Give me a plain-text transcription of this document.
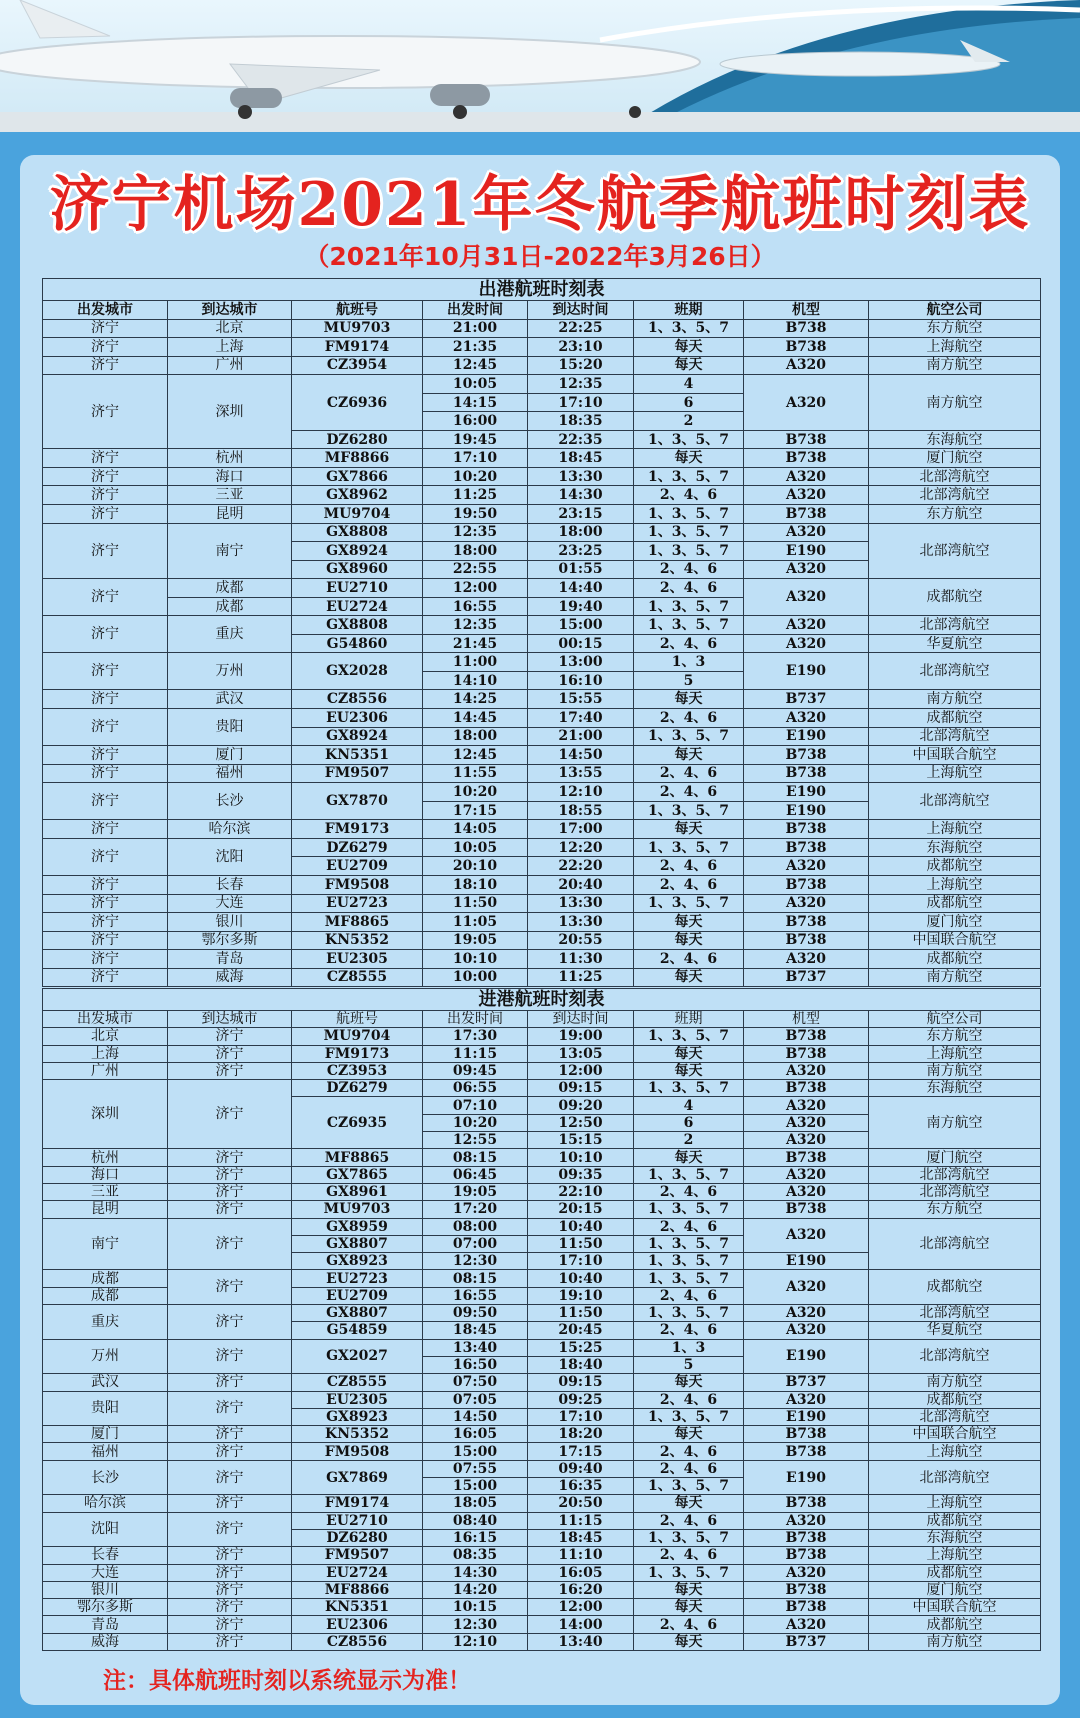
济宁机场2021年冬航季航班时刻表
（2021年10月31日-2022年3月26日）
出港航班时刻表							
出发城市	到达城市	航班号	出发时间	到达时间	班期	机型	航空公司
济宁	北京	MU9703	21:00	22:25	1、3、5、7	B738	东方航空
济宁	上海	FM9174	21:35	23:10	每天	B738	上海航空
济宁	广州	CZ3954	12:45	15:20	每天	A320	南方航空
济宁	深圳	CZ6936	10:05	12:35	4	A320	南方航空
			14:15	17:10	6		
			16:00	18:35	2		
		DZ6280	19:45	22:35	1、3、5、7	B738	东海航空
济宁	杭州	MF8866	17:10	18:45	每天	B738	厦门航空
济宁	海口	GX7866	10:20	13:30	1、3、5、7	A320	北部湾航空
济宁	三亚	GX8962	11:25	14:30	2、4、6	A320	北部湾航空
济宁	昆明	MU9704	19:50	23:15	1、3、5、7	B738	东方航空
济宁	南宁	GX8808	12:35	18:00	1、3、5、7	A320	北部湾航空
		GX8924	18:00	23:25	1、3、5、7	E190	
		GX8960	22:55	01:55	2、4、6	A320	
济宁	成都	EU2710	12:00	14:40	2、4、6	A320	成都航空
	成都	EU2724	16:55	19:40	1、3、5、7		
济宁	重庆	GX8808	12:35	15:00	1、3、5、7	A320	北部湾航空
		G54860	21:45	00:15	2、4、6	A320	华夏航空
济宁	万州	GX2028	11:00	13:00	1、3	E190	北部湾航空
			14:10	16:10	5		
济宁	武汉	CZ8556	14:25	15:55	每天	B737	南方航空
济宁	贵阳	EU2306	14:45	17:40	2、4、6	A320	成都航空
		GX8924	18:00	21:00	1、3、5、7	E190	北部湾航空
济宁	厦门	KN5351	12:45	14:50	每天	B738	中国联合航空
济宁	福州	FM9507	11:55	13:55	2、4、6	B738	上海航空
济宁	长沙	GX7870	10:20	12:10	2、4、6	E190	北部湾航空
			17:15	18:55	1、3、5、7	E190	
济宁	哈尔滨	FM9173	14:05	17:00	每天	B738	上海航空
济宁	沈阳	DZ6279	10:05	12:20	1、3、5、7	B738	东海航空
		EU2709	20:10	22:20	2、4、6	A320	成都航空
济宁	长春	FM9508	18:10	20:40	2、4、6	B738	上海航空
济宁	大连	EU2723	11:50	13:30	1、3、5、7	A320	成都航空
济宁	银川	MF8865	11:05	13:30	每天	B738	厦门航空
济宁	鄂尔多斯	KN5352	19:05	20:55	每天	B738	中国联合航空
济宁	青岛	EU2305	10:10	11:30	2、4、6	A320	成都航空
济宁	威海	CZ8555	10:00	11:25	每天	B737	南方航空
进港航班时刻表							
出发城市	到达城市	航班号	出发时间	到达时间	班期	机型	航空公司
北京	济宁	MU9704	17:30	19:00	1、3、5、7	B738	东方航空
上海	济宁	FM9173	11:15	13:05	每天	B738	上海航空
广州	济宁	CZ3953	09:45	12:00	每天	A320	南方航空
深圳	济宁	DZ6279	06:55	09:15	1、3、5、7	B738	东海航空
		CZ6935	07:10	09:20	4	A320	南方航空
			10:20	12:50	6	A320	
			12:55	15:15	2	A320	
杭州	济宁	MF8865	08:15	10:10	每天	B738	厦门航空
海口	济宁	GX7865	06:45	09:35	1、3、5、7	A320	北部湾航空
三亚	济宁	GX8961	19:05	22:10	2、4、6	A320	北部湾航空
昆明	济宁	MU9703	17:20	20:15	1、3、5、7	B738	东方航空
南宁	济宁	GX8959	08:00	10:40	2、4、6	A320	北部湾航空
		GX8807	07:00	11:50	1、3、5、7		
		GX8923	12:30	17:10	1、3、5、7	E190	
成都	济宁	EU2723	08:15	10:40	1、3、5、7	A320	成都航空
成都		EU2709	16:55	19:10	2、4、6		
重庆	济宁	GX8807	09:50	11:50	1、3、5、7	A320	北部湾航空
		G54859	18:45	20:45	2、4、6	A320	华夏航空
万州	济宁	GX2027	13:40	15:25	1、3	E190	北部湾航空
			16:50	18:40	5		
武汉	济宁	CZ8555	07:50	09:15	每天	B737	南方航空
贵阳	济宁	EU2305	07:05	09:25	2、4、6	A320	成都航空
		GX8923	14:50	17:10	1、3、5、7	E190	北部湾航空
厦门	济宁	KN5352	16:05	18:20	每天	B738	中国联合航空
福州	济宁	FM9508	15:00	17:15	2、4、6	B738	上海航空
长沙	济宁	GX7869	07:55	09:40	2、4、6	E190	北部湾航空
			15:00	16:35	1、3、5、7		
哈尔滨	济宁	FM9174	18:05	20:50	每天	B738	上海航空
沈阳	济宁	EU2710	08:40	11:15	2、4、6	A320	成都航空
		DZ6280	16:15	18:45	1、3、5、7	B738	东海航空
长春	济宁	FM9507	08:35	11:10	2、4、6	B738	上海航空
大连	济宁	EU2724	14:30	16:05	1、3、5、7	A320	成都航空
银川	济宁	MF8866	14:20	16:20	每天	B738	厦门航空
鄂尔多斯	济宁	KN5351	10:15	12:00	每天	B738	中国联合航空
青岛	济宁	EU2306	12:30	14:00	2、4、6	A320	成都航空
威海	济宁	CZ8556	12:10	13:40	每天	B737	南方航空
注：具体航班时刻以系统显示为准！
